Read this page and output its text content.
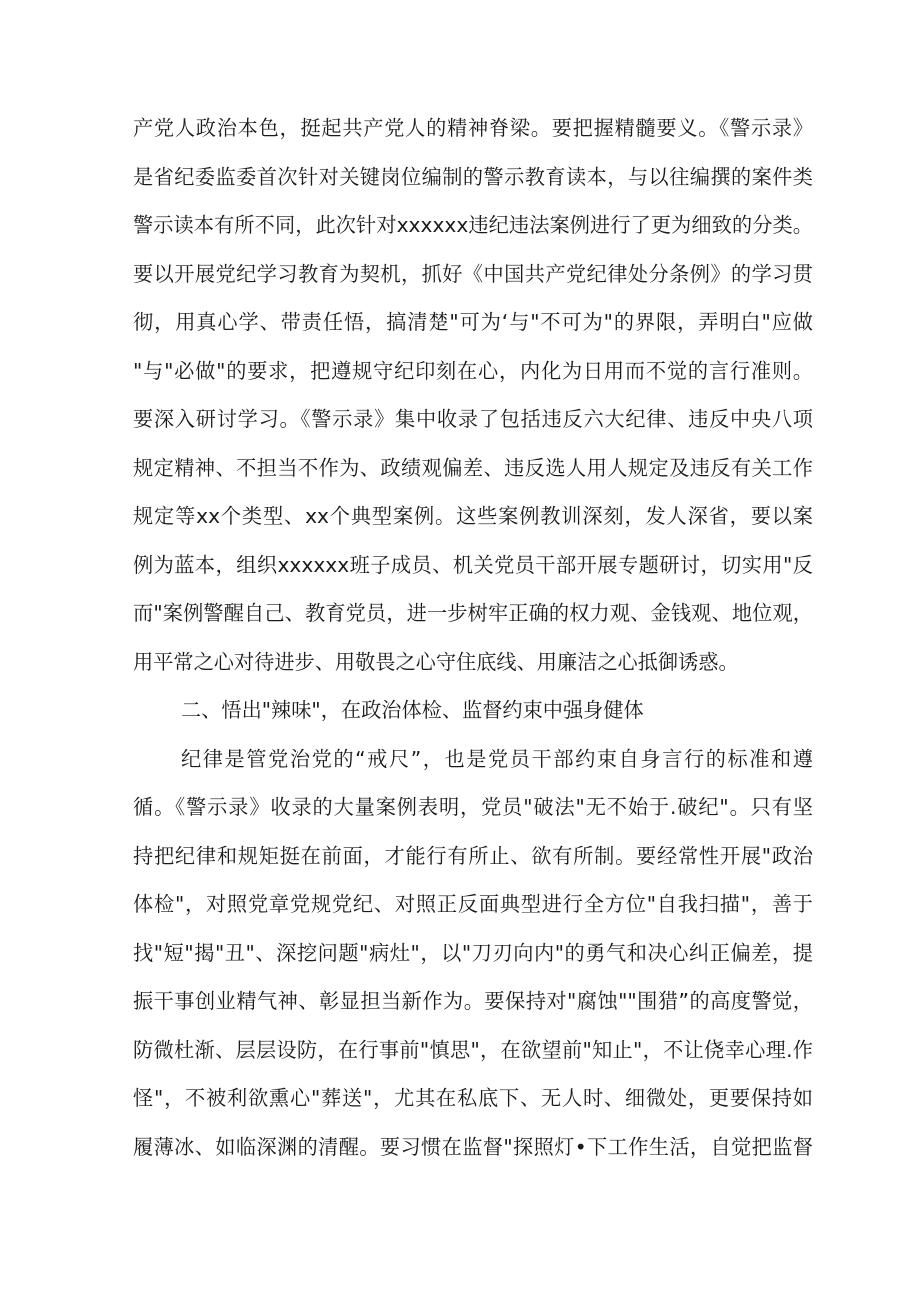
产党人政治本色，挺起共产党人的精神脊梁。要把握精髓要义。《警示录》
是省纪委监委首次针对关键岗位编制的警示教育读本，与以往编撰的案件类
警示读本有所不同，此次针对xxxxxx违纪违法案例进行了更为细致的分类。
要以开展党纪学习教育为契机，抓好《中国共产党纪律处分条例》的学习贯
彻，用真心学、带责任悟，搞清楚"可为‘与"不可为"的界限，弄明白"应做
"与"必做"的要求，把遵规守纪印刻在心，内化为日用而不觉的言行准则。
要深入研讨学习。《警示录》集中收录了包括违反六大纪律、违反中央八项
规定精神、不担当不作为、政绩观偏差、违反选人用人规定及违反有关工作
规定等xx个类型、xx个典型案例。这些案例教训深刻，发人深省，要以案
例为蓝本，组织xxxxxx班子成员、机关党员干部开展专题研讨，切实用"反
而"案例警醒自己、教育党员，进一步树牢正确的权力观、金钱观、地位观，
用平常之心对待进步、用敬畏之心守住底线、用廉洁之心抵御诱惑。
二、悟出"辣味"，在政治体检、监督约束中强身健体
纪律是管党治党的“戒尺”，也是党员干部约束自身言行的标准和遵
循。《警示录》收录的大量案例表明，党员"破法"无不始于.破纪"。只有坚
持把纪律和规矩挺在前面，才能行有所止、欲有所制。要经常性开展"政治
体检"，对照党章党规党纪、对照正反面典型进行全方位"自我扫描"，善于
找"短"揭"丑"、深挖问题"病灶"，以"刀刃向内"的勇气和决心纠正偏差，提
振干事创业精气神、彰显担当新作为。要保持对"腐蚀""围猎”的高度警觉，
防微杜渐、层层设防，在行事前"慎思"，在欲望前"知止"，不让侥幸心理.作
怪"，不被利欲熏心"葬送"，尤其在私底下、无人时、细微处，更要保持如
履薄冰、如临深渊的清醒。要习惯在监督"探照灯•下工作生活，自觉把监督
